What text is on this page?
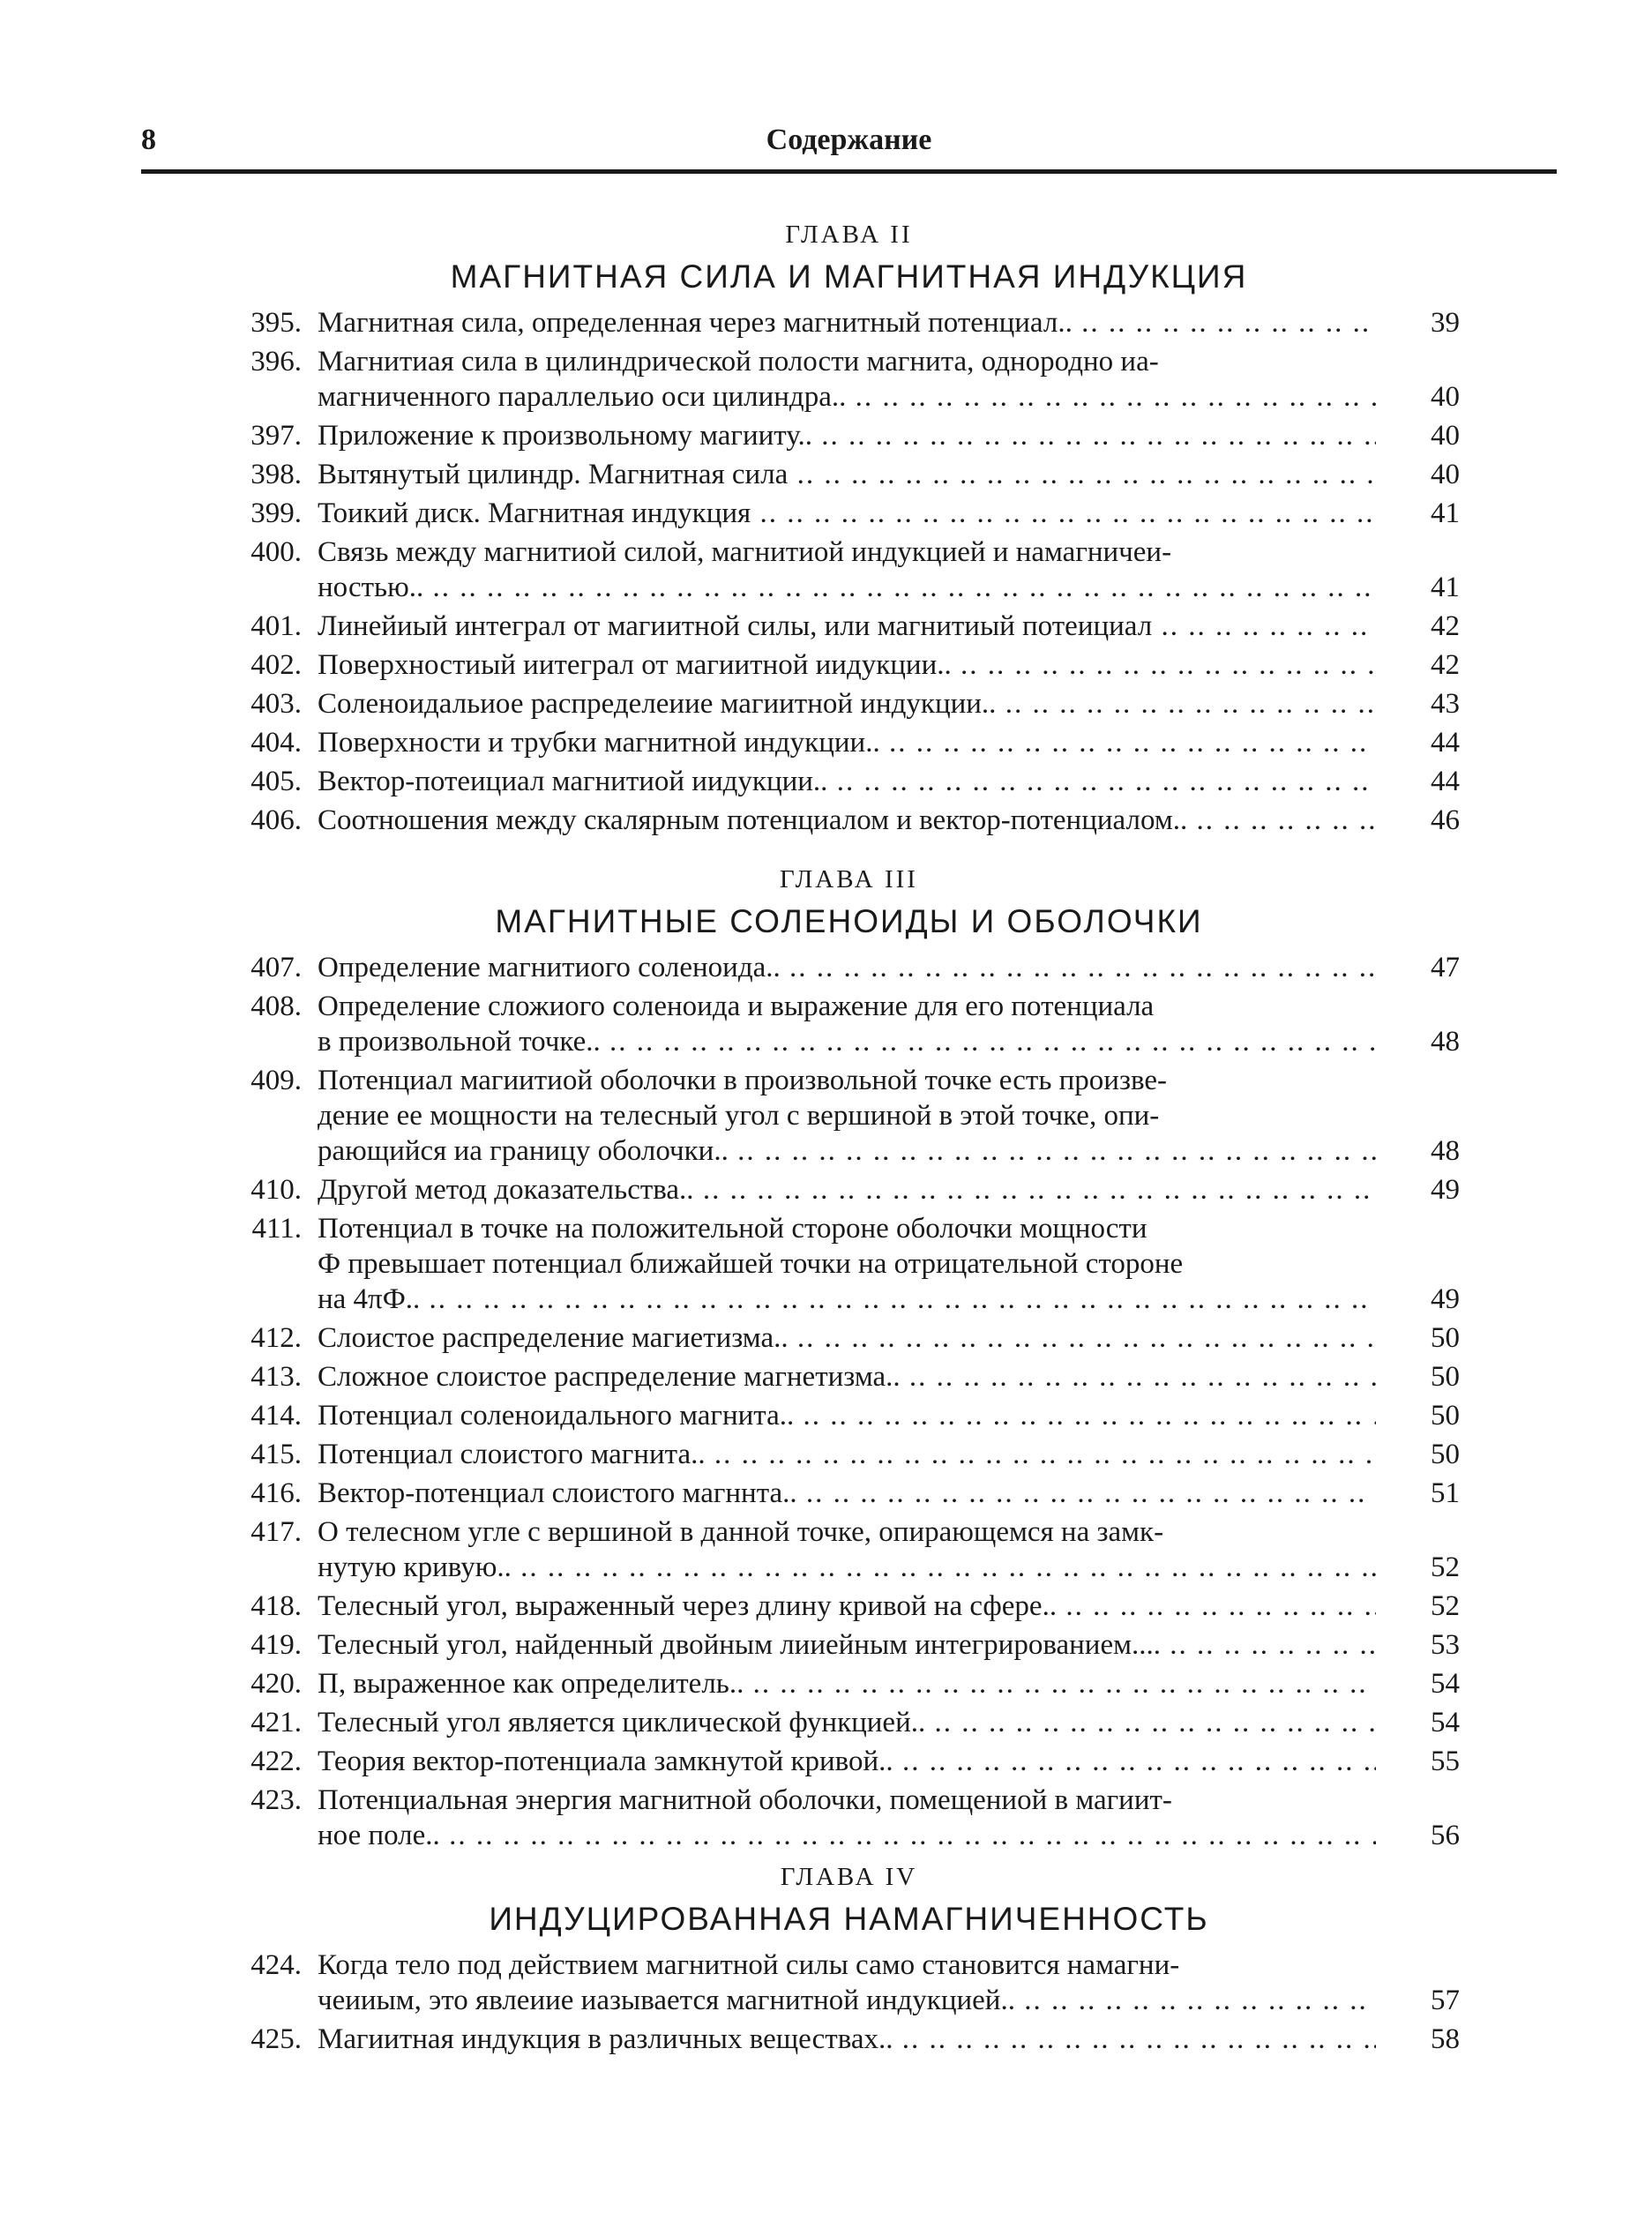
8	Содержание
ГЛАВА II
МАГНИТНАЯ СИЛА И МАГНИТНАЯ ИНДУКЦИЯ
395. Магнитная сила, определенная через магнитный потенциал.. .. ..	39
396. Магнитиая сила в цилиндрической полости магнита, однородно иа-
магниченного параллельио оси цилиндра.. .. ..	40
397. Приложение к произвольному магииту.. .. ..	40
398. Вытянутый цилиндр. Магнитная сила .. ..	40
399. Тоикий диск. Магнитная индукция .. ..	41
400. Связь между магнитиой силой, магнитиой индукцией и намагничеи-
ностью.. .. ..	41
401. Линейиый интеграл от магиитной силы, или магнитиый потеициал .. ..	42
402. Поверхностиый иитеграл от магиитной иидукции.. .. ..	42
403. Соленоидальиое распределеиие магиитной индукции.. .. ..	43
404. Поверхности и трубки магнитной индукции.. .. ..	44
405. Вектор-потеициал магнитиой иидукции.. .. ..	44
406. Соотношения между скалярным потенциалом и вектор-потенциалом.. .. ..	46
ГЛАВА III
МАГНИТНЫЕ СОЛЕНОИДЫ И ОБОЛОЧКИ
407. Определение магнитиого соленоида.. .. ..	47
408. Определение сложиого соленоида и выражение для его потенциала
в произвольной точке.. .. ..	48
409. Потенциал магиитиой оболочки в произвольной точке есть произве-
дение ее мощности на телесный угол с вершиной в этой точке, опи-
рающийся иа границу оболочки.. .. ..	48
410. Другой метод доказательства.. .. ..	49
411. Потенциал в точке на положительной стороне оболочки мощности
Ф превышает потенциал ближайшей точки на отрицательной стороне
на 4πФ.. .. ..	49
412. Слоистое распределение магиетизма.. .. ..	50
413. Сложное слоистое распределение магнетизма.. .. ..	50
414. Потенциал соленоидального магнита.. .. ..	50
415. Потенциал слоистого магнита.. .. ..	50
416. Вектор-потенциал слоистого магннта.. .. ..	51
417. О телесном угле с вершиной в данной точке, опирающемся на замк-
нутую кривую.. .. ..	52
418. Телесный угол, выраженный через длину кривой на сфере.. .. ..	52
419. Телесный угол, найденный двойным лииейным интегрированием.... .. ..	53
420. П, выраженное как определитель.. .. ..	54
421. Телесный угол является циклической функцией.. .. ..	54
422. Теория вектор-потенциала замкнутой кривой.. .. ..	55
423. Потенциальная энергия магнитной оболочки, помещениой в магиит-
ное поле.. .. ..	56
ГЛАВА IV
ИНДУЦИРОВАННАЯ НАМАГНИЧЕННОСТЬ
424. Когда тело под действием магнитной силы само становится намагни-
чеииым, это явлеиие иазывается магнитной индукцией.. .. ..	57
425. Магиитная индукция в различных веществах.. .. ..	58
